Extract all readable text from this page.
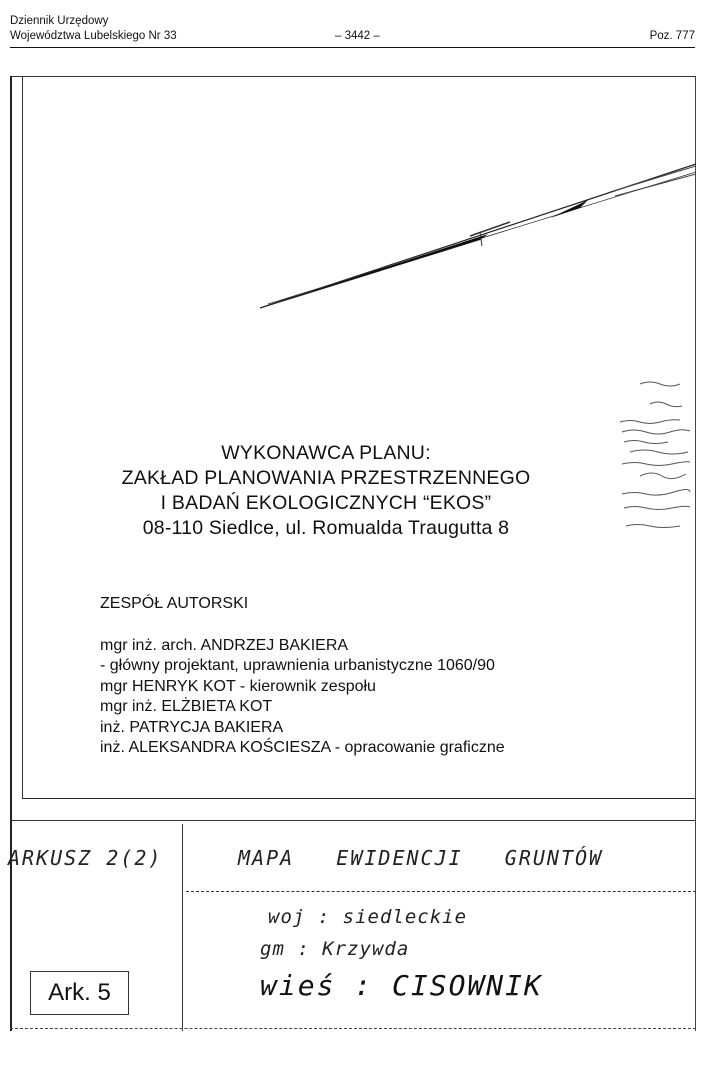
Dziennik Urzędowy
Województwa Lubelskiego Nr 33	– 3442 –	Poz. 777
WYKONAWCA PLANU:
ZAKŁAD PLANOWANIA PRZESTRZENNEGO
I BADAŃ EKOLOGICZNYCH “EKOS”
08-110 Siedlce, ul. Romualda Traugutta 8
ZESPÓŁ AUTORSKI
mgr inż. arch. ANDRZEJ BAKIERA
- główny projektant, uprawnienia urbanistyczne 1060/90
mgr HENRYK KOT - kierownik zespołu
mgr inż. ELŻBIETA KOT
inż. PATRYCJA BAKIERA
inż. ALEKSANDRA KOŚCIESZA - opracowanie graficzne
ARKUSZ 2(2)	MAPA   EWIDENCJI   GRUNTÓW
woj : siedleckie
gm : Krzywda
wieś : CISOWNIK
Ark. 5
